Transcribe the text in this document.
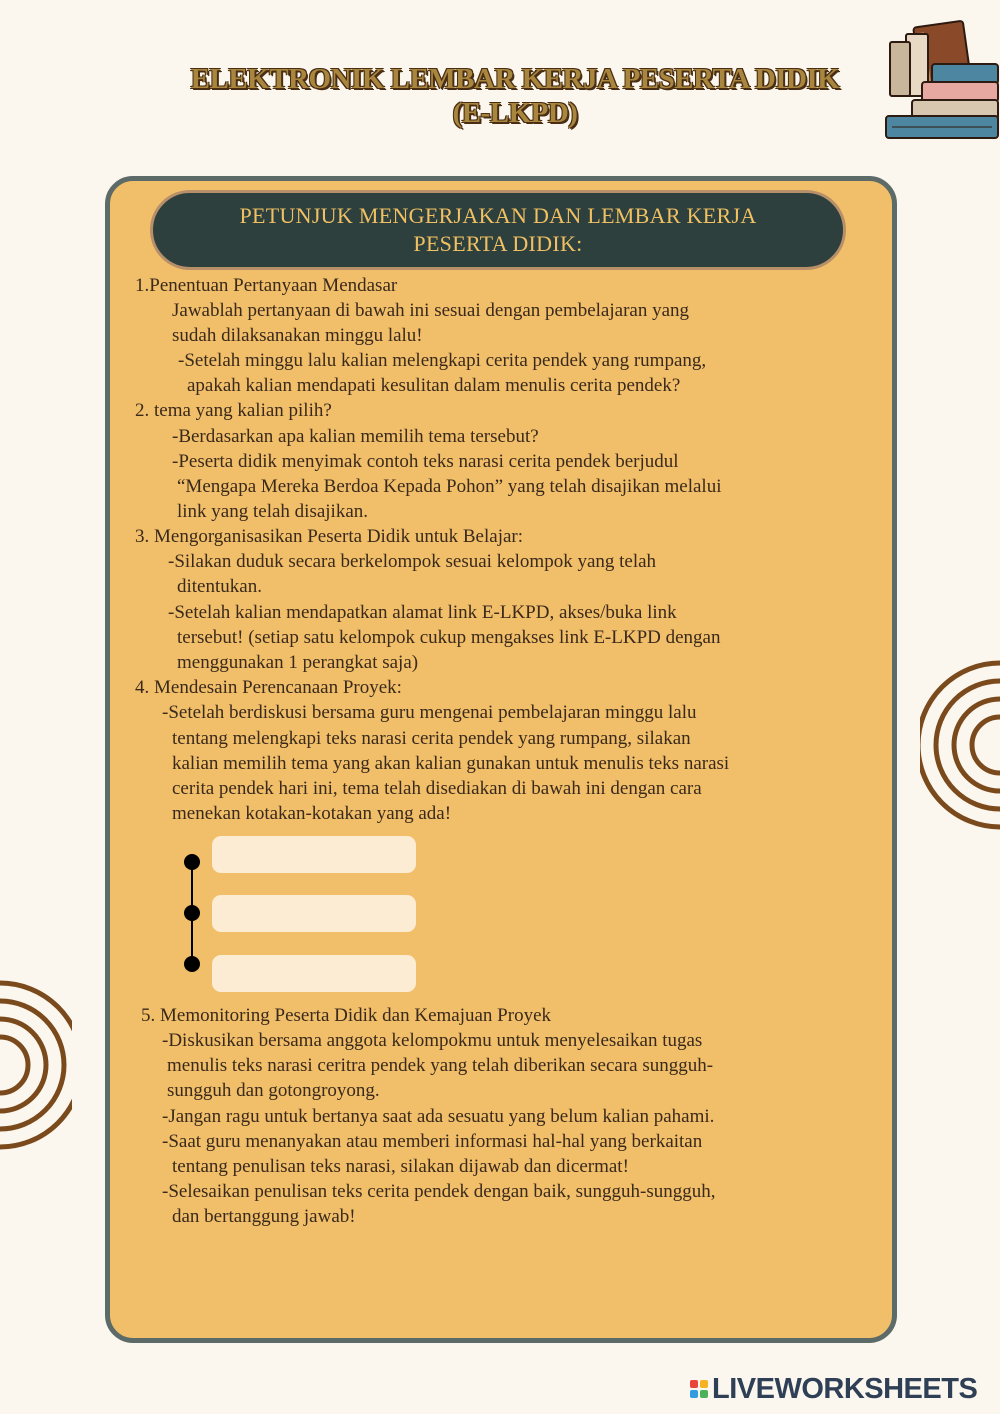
ELEKTRONIK LEMBAR KERJA PESERTA DIDIK
(E-LKPD)
PETUNJUK MENGERJAKAN DAN LEMBAR KERJA
PESERTA DIDIK:
1.Penentuan Pertanyaan Mendasar
Jawablah pertanyaan di bawah ini sesuai dengan pembelajaran yang
sudah dilaksanakan minggu lalu!
-Setelah minggu lalu kalian melengkapi cerita pendek yang rumpang,
apakah kalian mendapati kesulitan dalam menulis cerita pendek?
2. tema yang kalian pilih?
-Berdasarkan apa kalian memilih tema tersebut?
-Peserta didik menyimak contoh teks narasi cerita pendek berjudul
“Mengapa Mereka Berdoa Kepada Pohon” yang telah disajikan melalui
link yang telah disajikan.
3. Mengorganisasikan Peserta Didik untuk Belajar:
-Silakan duduk secara berkelompok sesuai kelompok yang telah
ditentukan.
-Setelah kalian mendapatkan alamat link E-LKPD, akses/buka link
tersebut! (setiap satu kelompok cukup mengakses link E-LKPD dengan
menggunakan 1 perangkat saja)
4. Mendesain Perencanaan Proyek:
-Setelah berdiskusi bersama guru mengenai pembelajaran minggu lalu
tentang melengkapi teks narasi cerita pendek yang rumpang, silakan
kalian memilih tema yang akan kalian gunakan untuk menulis teks narasi
cerita pendek hari ini, tema telah disediakan di bawah ini dengan cara
menekan kotakan-kotakan yang ada!
5. Memonitoring Peserta Didik dan Kemajuan Proyek
-Diskusikan bersama anggota kelompokmu untuk menyelesaikan tugas
menulis teks narasi ceritra pendek yang telah diberikan secara sungguh-
sungguh dan gotongroyong.
-Jangan ragu untuk bertanya saat ada sesuatu yang belum kalian pahami.
-Saat guru menanyakan atau memberi informasi hal-hal yang berkaitan
tentang penulisan teks narasi, silakan dijawab dan dicermat!
-Selesaikan penulisan teks cerita pendek dengan baik, sungguh-sungguh,
dan bertanggung jawab!
LIVEWORKSHEETS
